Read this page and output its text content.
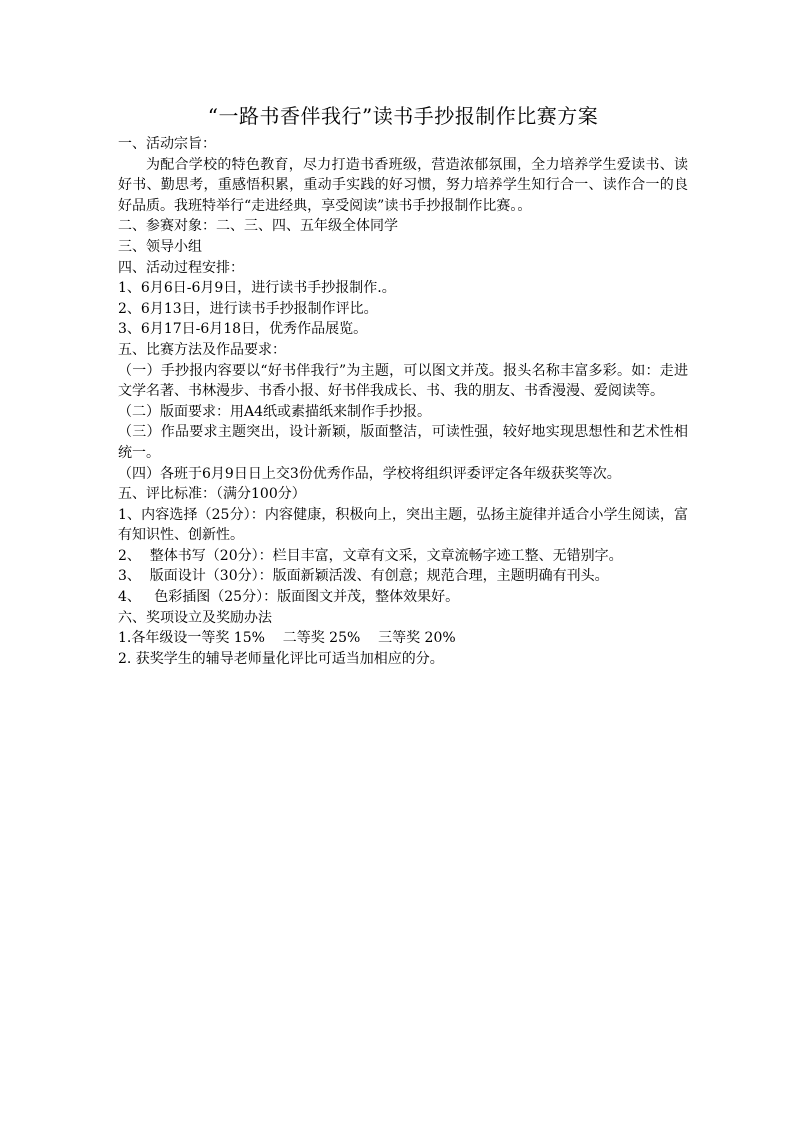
“一路书香伴我行”读书手抄报制作比赛方案

一、活动宗旨：

为配合学校的特色教育，尽力打造书香班级，营造浓郁氛围，全力培养学生爱读书、读好书、勤思考，重感悟积累，重动手实践的好习惯，努力培养学生知行合一、读作合一的良好品质。我班特举行“走进经典，享受阅读”读书手抄报制作比赛。。

二、参赛对象：二、三、四、五年级全体同学

三、领导小组

四、活动过程安排：

1、6月6日-6月9日，进行读书手抄报制作.。

2、6月13日，进行读书手抄报制作评比。

3、6月17日-6月18日，优秀作品展览。

五、比赛方法及作品要求：

（一）手抄报内容要以“好书伴我行”为主题，可以图文并茂。报头名称丰富多彩。如：走进文学名著、书林漫步、书香小报、好书伴我成长、书、我的朋友、书香漫漫、爱阅读等。

（二）版面要求：用A4纸或素描纸来制作手抄报。

（三）作品要求主题突出，设计新颖，版面整洁，可读性强，较好地实现思想性和艺术性相统一。

（四）各班于6月9日日上交3份优秀作品，学校将组织评委评定各年级获奖等次。

五、评比标准：（满分100分）

1、内容选择（25分）：内容健康，积极向上，突出主题，弘扬主旋律并适合小学生阅读，富有知识性、创新性。

2、  整体书写（20分）：栏目丰富，文章有文采，文章流畅字迹工整、无错别字。

3、  版面设计（30分）：版面新颖活泼、有创意；规范合理，主题明确有刊头。

4、   色彩插图（25分）：版面图文并茂，整体效果好。

六、奖项设立及奖励办法

1.各年级设一等奖 15%    二等奖 25%    三等奖 20%

2. 获奖学生的辅导老师量化评比可适当加相应的分。
